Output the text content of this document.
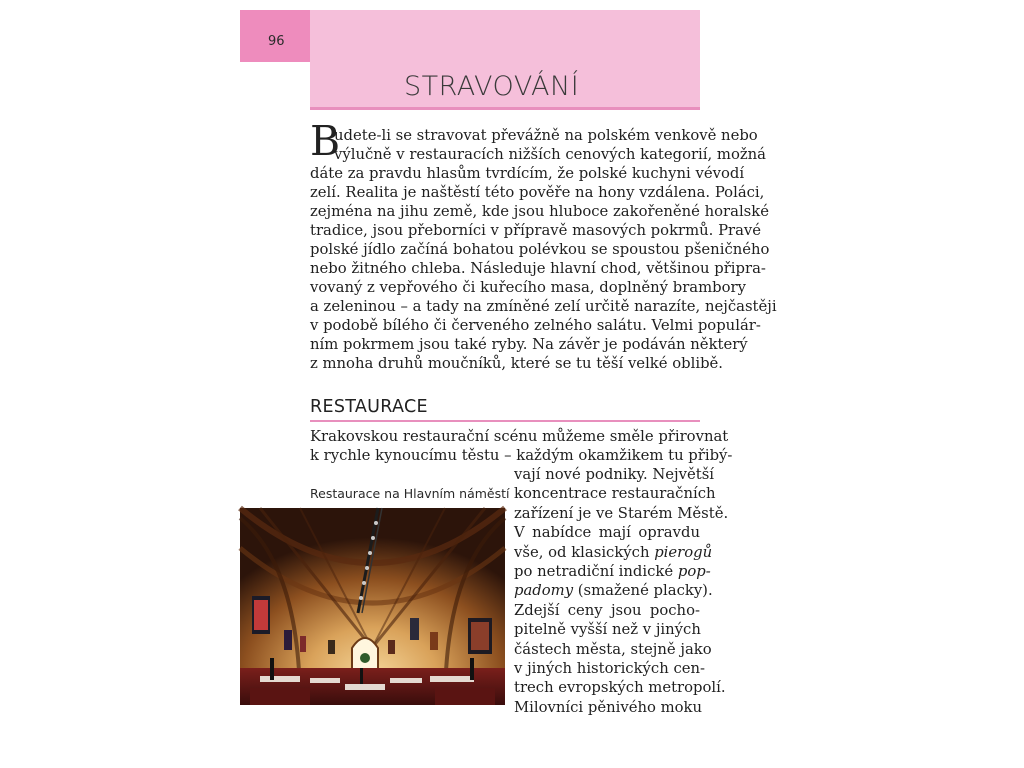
96
STRAVOVÁNÍ
B
udete-li se stravovat převážně na polském venkově nebo
výlučně v restauracích nižších cenových kategorií, možná
dáte za pravdu hlasům tvrdícím, že polské kuchyni vévodí
zelí. Realita je naštěstí této pověře na hony vzdálena. Poláci,
zejména na jihu země, kde jsou hluboce zakořeněné horalské
tradice, jsou přeborníci v přípravě masových pokrmů. Pravé
polské jídlo začíná bohatou polévkou se spoustou pšeničného
nebo žitného chleba. Následuje hlavní chod, většinou připra-
vovaný z vepřového či kuřecího masa, doplněný brambory
a zeleninou – a tady na zmíněné zelí určitě narazíte, nejčastěji
v podobě bílého či červeného zelného salátu. Velmi populár-
ním pokrmem jsou také ryby. Na závěr je podáván některý
z mnoha druhů moučníků, které se tu těší velké oblibě.
RESTAURACE
Krakovskou restaurační scénu můžeme směle přirovnat
k rychle kynoucímu těstu – každým okamžikem tu přibý-
vají nové podniky. Největší
koncentrace restauračních
zařízení je ve Starém Městě.
V nabídce mají opravdu
vše, od klasických pierogů
po netradiční indické pop-
padomy (smažené placky).
Zdejší ceny jsou pocho-
pitelně vyšší než v jiných
částech města, stejně jako
v jiných historických cen-
trech evropských metropolí.
Milovníci pěnivého moku
Restaurace na Hlavním náměstí
